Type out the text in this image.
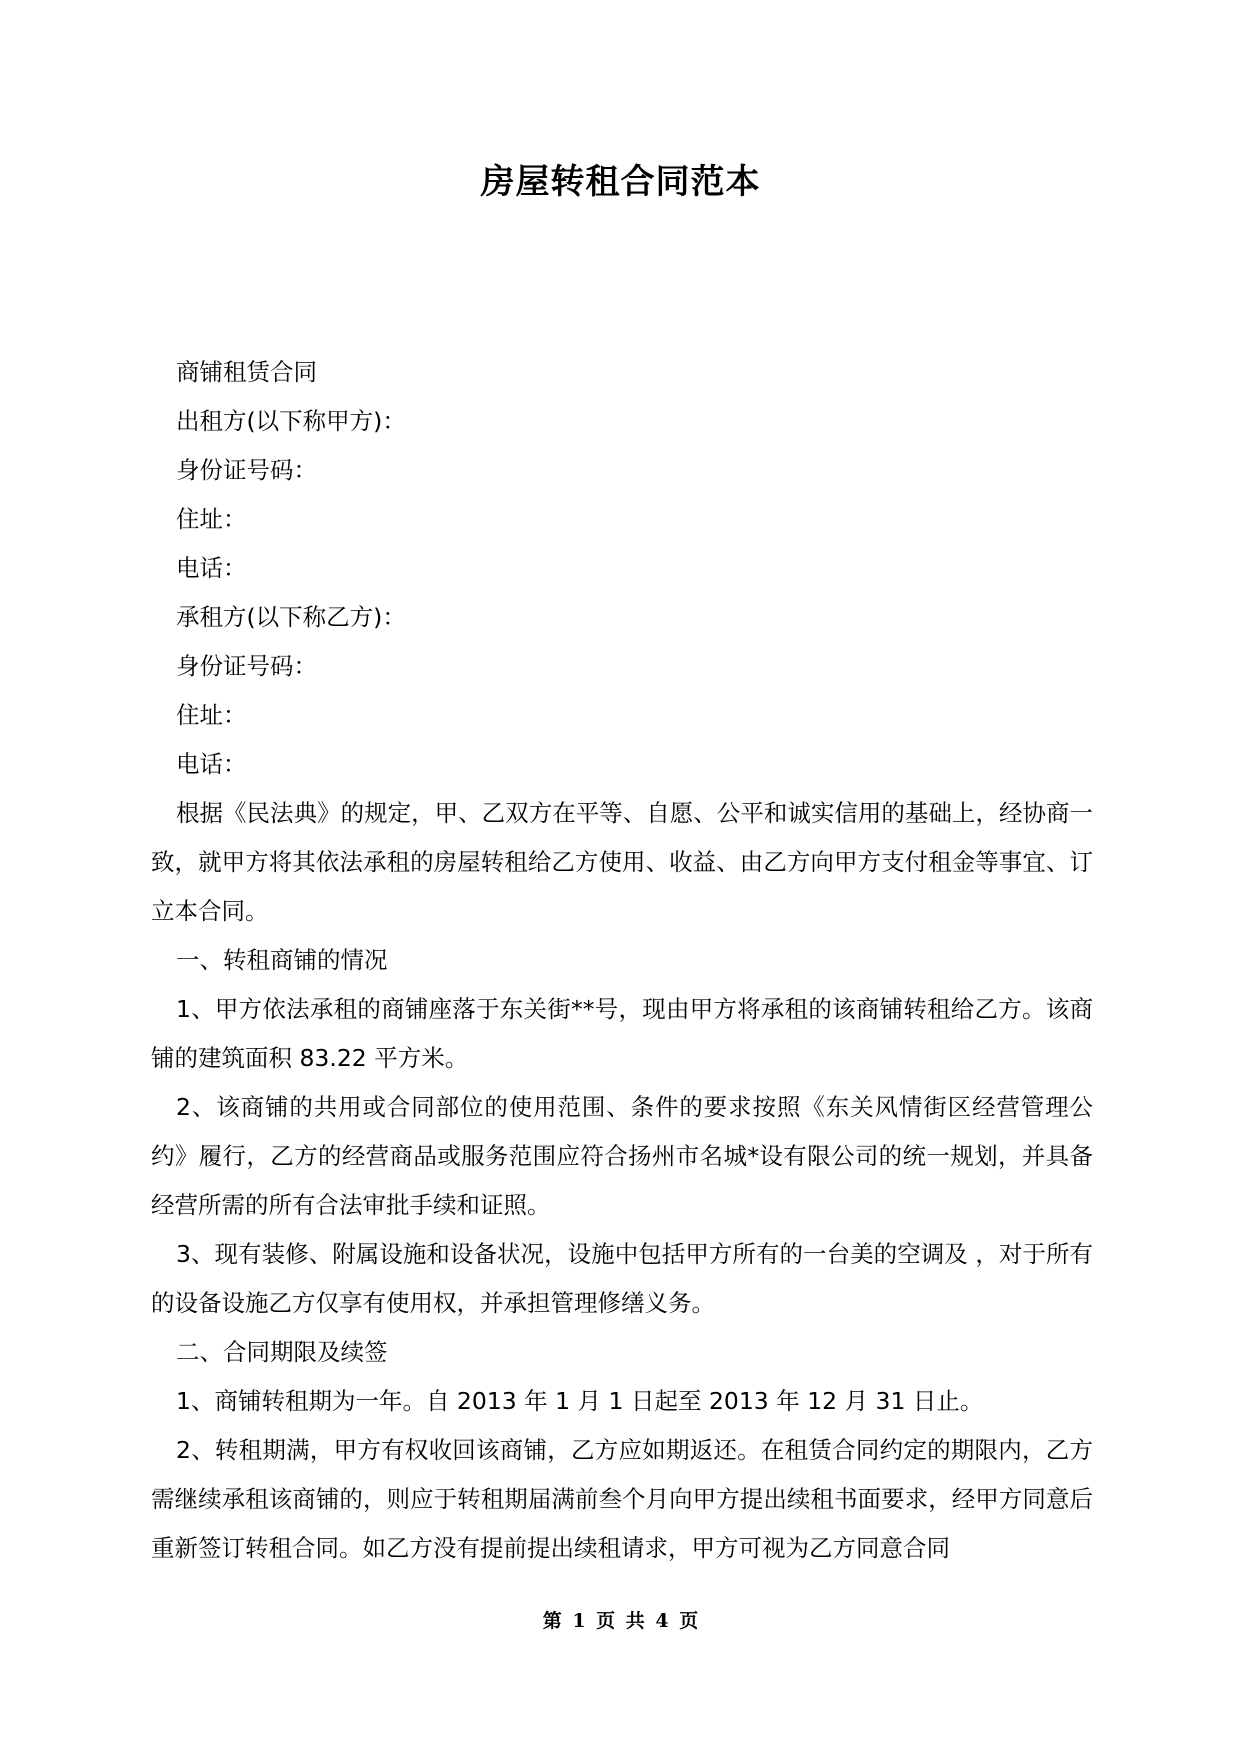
房屋转租合同范本

商铺租赁合同

出租方(以下称甲方)：

身份证号码：

住址：

电话：

承租方(以下称乙方)：

身份证号码：

住址：

电话：

根据《民法典》的规定，甲、乙双方在平等、自愿、公平和诚实信用的基础上，经协商一致，就甲方将其依法承租的房屋转租给乙方使用、收益、由乙方向甲方支付租金等事宜、订立本合同。

一、转租商铺的情况

1、甲方依法承租的商铺座落于东关街**号，现由甲方将承租的该商铺转租给乙方。该商铺的建筑面积 83.22 平方米。

2、该商铺的共用或合同部位的使用范围、条件的要求按照《东关风情街区经营管理公约》履行，乙方的经营商品或服务范围应符合扬州市名城*设有限公司的统一规划，并具备经营所需的所有合法审批手续和证照。

3、现有装修、附属设施和设备状况，设施中包括甲方所有的一台美的空调及 ，对于所有的设备设施乙方仅享有使用权，并承担管理修缮义务。

二、合同期限及续签

1、商铺转租期为一年。自 2013 年 1 月 1 日起至 2013 年 12 月 31 日止。

2、转租期满，甲方有权收回该商铺，乙方应如期返还。在租赁合同约定的期限内，乙方需继续承租该商铺的，则应于转租期届满前叁个月向甲方提出续租书面要求，经甲方同意后重新签订转租合同。如乙方没有提前提出续租请求，甲方可视为乙方同意合同

第 1 页 共 4 页
